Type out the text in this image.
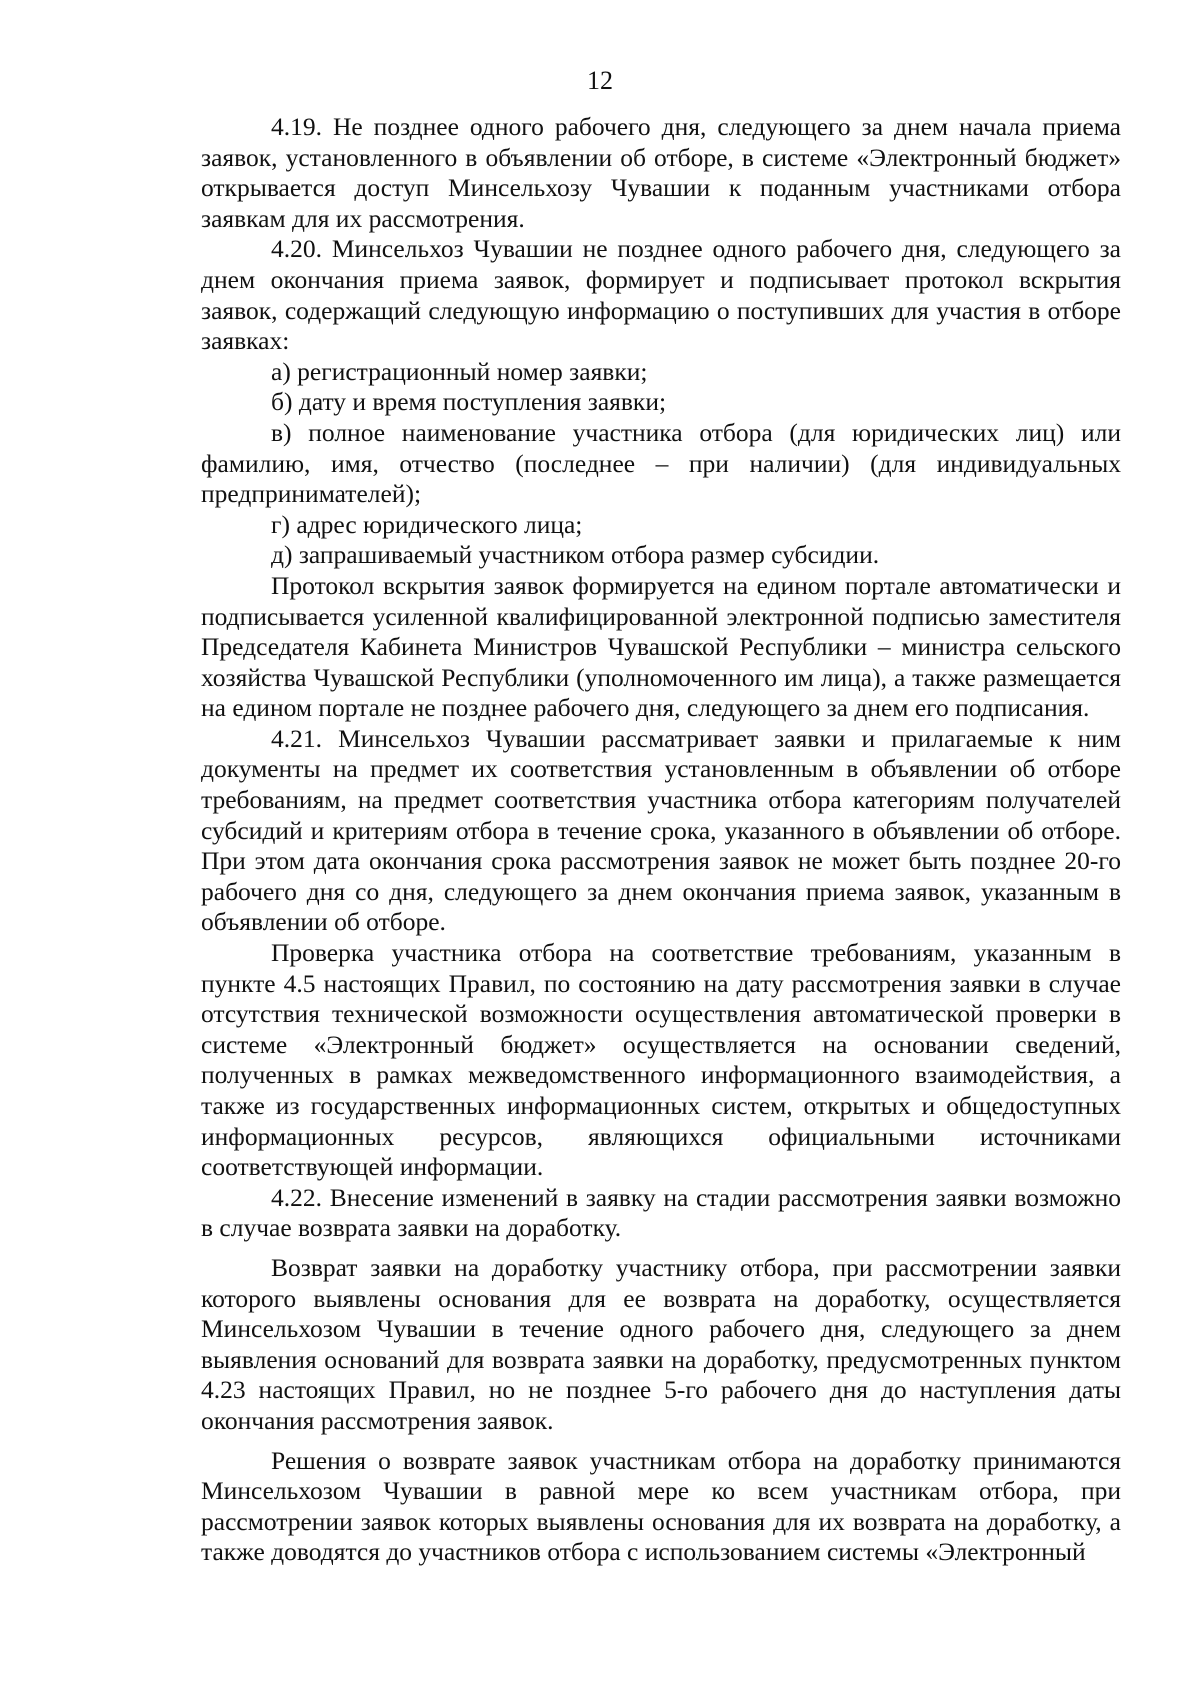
12

4.19. Не позднее одного рабочего дня, следующего за днем начала приема заявок, установленного в объявлении об отборе, в системе «Электронный бюджет» открывается доступ Минсельхозу Чувашии к поданным участниками отбора заявкам для их рассмотрения.

4.20. Минсельхоз Чувашии не позднее одного рабочего дня, следующего за днем окончания приема заявок, формирует и подписывает протокол вскрытия заявок, содержащий следующую информацию о поступивших для участия в отборе заявках:

а) регистрационный номер заявки;

б) дату и время поступления заявки;

в) полное наименование участника отбора (для юридических лиц) или фамилию, имя, отчество (последнее – при наличии) (для индивидуальных предпринимателей);

г) адрес юридического лица;

д) запрашиваемый участником отбора размер субсидии.

Протокол вскрытия заявок формируется на едином портале автоматически и подписывается усиленной квалифицированной электронной подписью заместителя Председателя Кабинета Министров Чувашской Республики – министра сельского хозяйства Чувашской Республики (уполномоченного им лица), а также размещается на едином портале не позднее рабочего дня, следующего за днем его подписания.

4.21. Минсельхоз Чувашии рассматривает заявки и прилагаемые к ним документы на предмет их соответствия установленным в объявлении об отборе требованиям, на предмет соответствия участника отбора категориям получателей субсидий и критериям отбора в течение срока, указанного в объявлении об отборе. При этом дата окончания срока рассмотрения заявок не может быть позднее 20-го рабочего дня со дня, следующего за днем окончания приема заявок, указанным в объявлении об отборе.

Проверка участника отбора на соответствие требованиям, указанным в пункте 4.5 настоящих Правил, по состоянию на дату рассмотрения заявки в случае отсутствия технической возможности осуществления автоматической проверки в системе «Электронный бюджет» осуществляется на основании сведений, полученных в рамках межведомственного информационного взаимодействия, а также из государственных информационных систем, открытых и общедоступных информационных ресурсов, являющихся официальными источниками соответствующей информации.

4.22. Внесение изменений в заявку на стадии рассмотрения заявки возможно в случае возврата заявки на доработку.

Возврат заявки на доработку участнику отбора, при рассмотрении заявки которого выявлены основания для ее возврата на доработку, осуществляется Минсельхозом Чувашии в течение одного рабочего дня, следующего за днем выявления оснований для возврата заявки на доработку, предусмотренных пунктом 4.23 настоящих Правил, но не позднее 5-го рабочего дня до наступления даты окончания рассмотрения заявок.

Решения о возврате заявок участникам отбора на доработку принимаются Минсельхозом Чувашии в равной мере ко всем участникам отбора, при рассмотрении заявок которых выявлены основания для их возврата на доработку, а также доводятся до участников отбора с использованием системы «Электронный
